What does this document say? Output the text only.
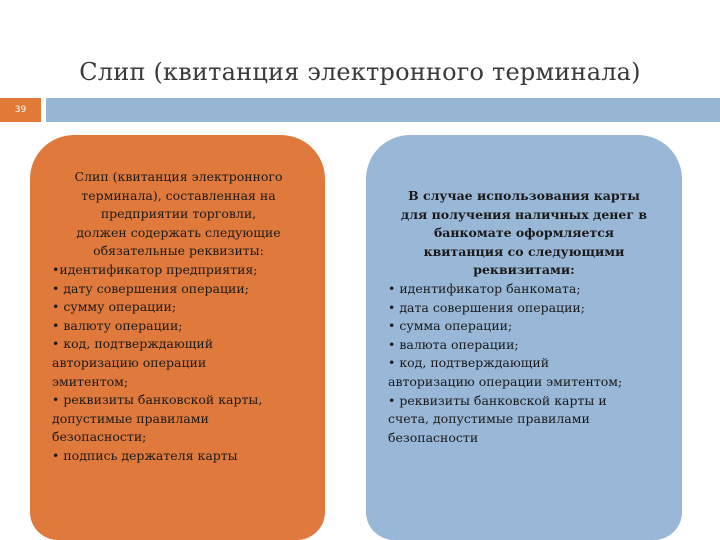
Слип (квитанция электронного терминала)
39
Слип (квитанция электронного
терминала), составленная на
предприятии торговли,
должен содержать следующие
обязательные реквизиты:

•идентификатор предприятия;

• дату совершения операции;

• сумму операции;

• валюту операции;

• код, подтверждающий

авторизацию операции

эмитентом;

• реквизиты банковской карты,

допустимые правилами

безопасности;

• подпись держателя карты

В случае использования карты
для получения наличных денег в
банкомате оформляется
квитанция со следующими
реквизитами:

• идентификатор банкомата;

• дата совершения операции;

• сумма операции;

• валюта операции;

• код, подтверждающий

авторизацию операции эмитентом;

• реквизиты банковской карты и

счета, допустимые правилами

безопасности
